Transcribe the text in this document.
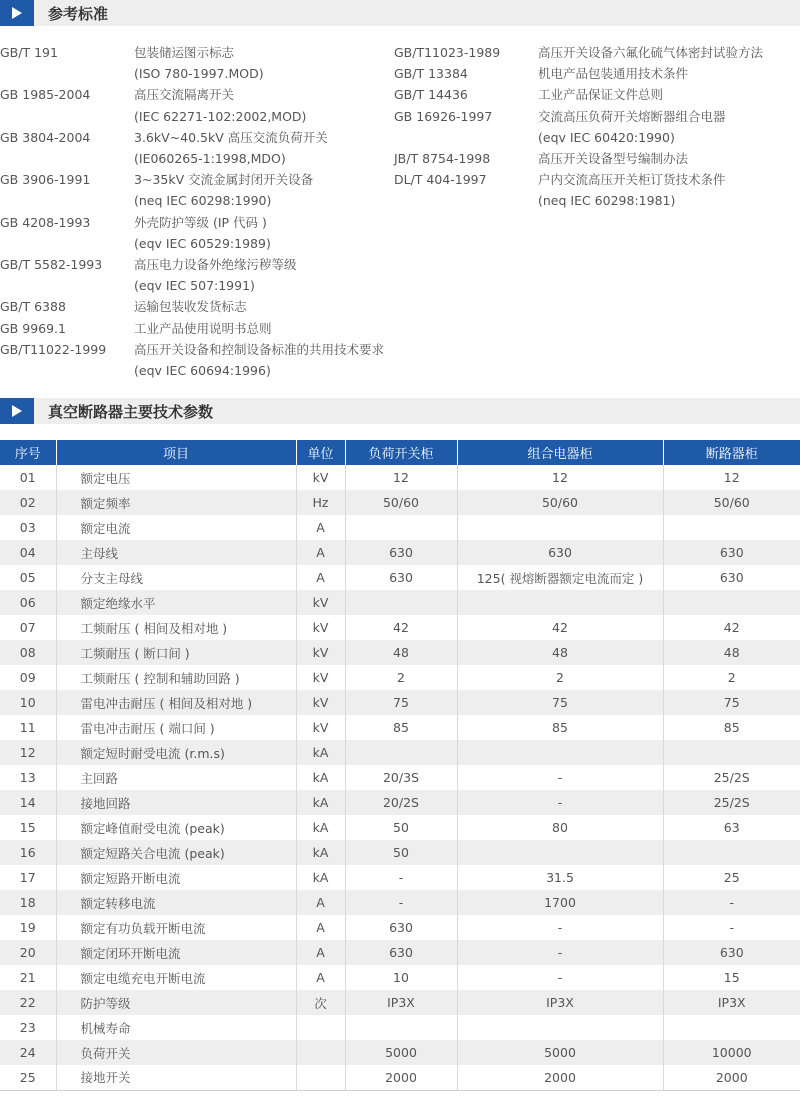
参考标准
GB/T 191	包装储运图示标志
(ISO 780-1997.MOD)
GB 1985-2004	高压交流隔离开关
(IEC 62271-102:2002,MOD)
GB 3804-2004	3.6kV~40.5kV 高压交流负荷开关
(IE060265-1:1998,MDO)
GB 3906-1991	3~35kV 交流金属封闭开关设备
(neq IEC 60298:1990)
GB 4208-1993	外壳防护等级 (IP 代码 )
(eqv IEC 60529:1989)
GB/T 5582-1993	高压电力设备外绝缘污秽等级
(eqv IEC 507:1991)
GB/T 6388	运输包装收发货标志
GB 9969.1	工业产品使用说明书总则
GB/T11022-1999	高压开关设备和控制设备标准的共用技术要求
(eqv IEC 60694:1996)
GB/T11023-1989	高压开关设备六氟化硫气体密封试验方法
GB/T 13384	机电产品包装通用技术条件
GB/T 14436	工业产品保证文件总则
GB 16926-1997	交流高压负荷开关熔断器组合电器
(eqv IEC 60420:1990)
JB/T 8754-1998	高压开关设备型号编制办法
DL/T 404-1997	户内交流高压开关柜订货技术条件
(neq IEC 60298:1981)
真空断路器主要技术参数
序号	项目	单位	负荷开关柜	组合电器柜	断路器柜
01	额定电压	kV	12	12	12
02	额定频率	Hz	50/60	50/60	50/60
03	额定电流	A			
04	主母线	A	630	630	630
05	分支主母线	A	630	125( 视熔断器额定电流而定 )	630
06	额定绝缘水平	kV			
07	工频耐压 ( 相间及相对地 )	kV	42	42	42
08	工频耐压 ( 断口间 )	kV	48	48	48
09	工频耐压 ( 控制和辅助回路 )	kV	2	2	2
10	雷电冲击耐压 ( 相间及相对地 )	kV	75	75	75
11	雷电冲击耐压 ( 端口间 )	kV	85	85	85
12	额定短时耐受电流 (r.m.s)	kA			
13	主回路	kA	20/3S	-	25/2S
14	接地回路	kA	20/2S	-	25/2S
15	额定峰值耐受电流 (peak)	kA	50	80	63
16	额定短路关合电流 (peak)	kA	50		
17	额定短路开断电流	kA	-	31.5	25
18	额定转移电流	A	-	1700	-
19	额定有功负载开断电流	A	630	-	-
20	额定闭环开断电流	A	630	-	630
21	额定电缆充电开断电流	A	10	-	15
22	防护等级	次	IP3X	IP3X	IP3X
23	机械寿命				
24	负荷开关		5000	5000	10000
25	接地开关		2000	2000	2000
